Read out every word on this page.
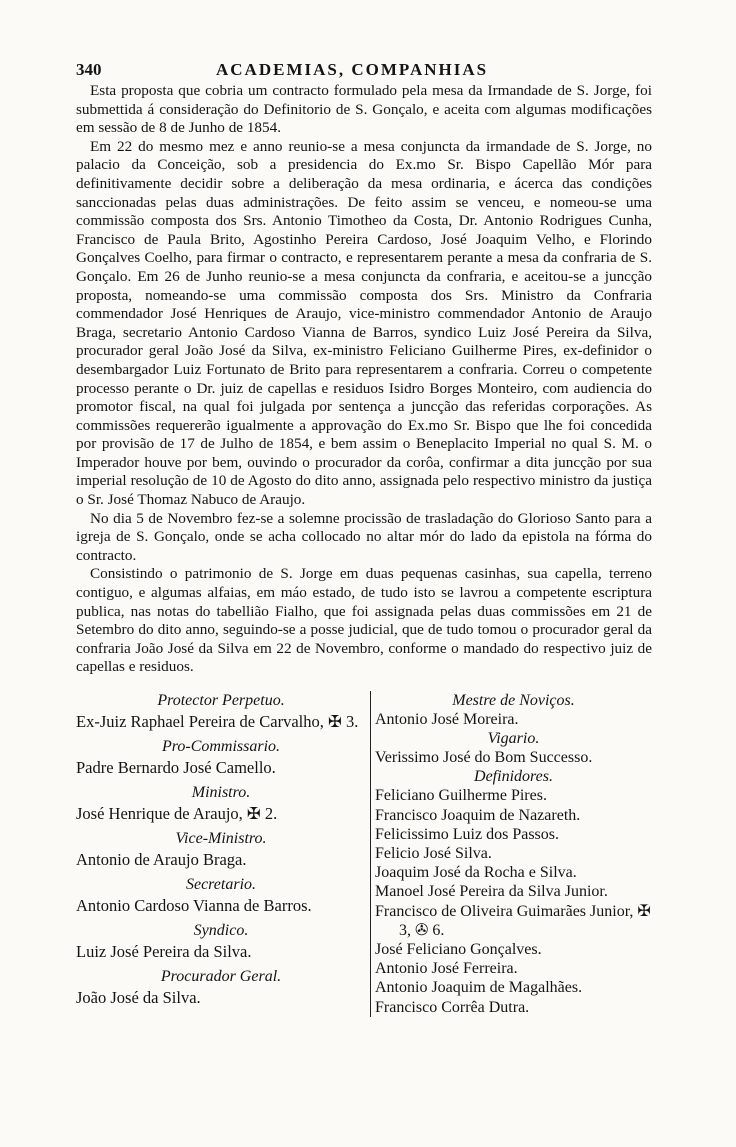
340	ACADEMIAS, COMPANHIAS

Esta proposta que cobria um contracto formulado pela mesa da Irmandade de S. Jorge, foi submettida á consideração do Definitorio de S. Gonçalo, e aceita com algumas modificações em sessão de 8 de Junho de 1854.

Em 22 do mesmo mez e anno reunio-se a mesa conjuncta da irmandade de S. Jorge, no palacio da Conceição, sob a presidencia do Ex.mo Sr. Bispo Capellão Mór para definitivamente decidir sobre a deliberação da mesa ordinaria, e ácerca das condições sanccionadas pelas duas administrações. De feito assim se venceu, e nomeou-se uma commissão composta dos Srs. Antonio Timotheo da Costa, Dr. Antonio Rodrigues Cunha, Francisco de Paula Brito, Agostinho Pereira Cardoso, José Joaquim Velho, e Florindo Gonçalves Coelho, para firmar o contracto, e representarem perante a mesa da confraria de S. Gonçalo. Em 26 de Junho reunio-se a mesa conjuncta da confraria, e aceitou-se a juncção proposta, nomeando-se uma commissão composta dos Srs. Ministro da Confraria commendador José Henriques de Araujo, vice-ministro commendador Antonio de Araujo Braga, secretario Antonio Cardoso Vianna de Barros, syndico Luiz José Pereira da Silva, procurador geral João José da Silva, ex-ministro Feliciano Guilherme Pires, ex-definidor o desembargador Luiz Fortunato de Brito para representarem a confraria. Correu o competente processo perante o Dr. juiz de capellas e residuos Isidro Borges Monteiro, com audiencia do promotor fiscal, na qual foi julgada por sentença a juncção das referidas corporações. As commissões requererão igualmente a approvação do Ex.mo Sr. Bispo que lhe foi concedida por provisão de 17 de Julho de 1854, e bem assim o Beneplacito Imperial no qual S. M. o Imperador houve por bem, ouvindo o procurador da corôa, confirmar a dita juncção por sua imperial resolução de 10 de Agosto do dito anno, assignada pelo respectivo ministro da justiça o Sr. José Thomaz Nabuco de Araujo.

No dia 5 de Novembro fez-se a solemne procissão de trasladação do Glorioso Santo para a igreja de S. Gonçalo, onde se acha collocado no altar mór do lado da epistola na fórma do contracto.

Consistindo o patrimonio de S. Jorge em duas pequenas casinhas, sua capella, terreno contiguo, e algumas alfaias, em máo estado, de tudo isto se lavrou a competente escriptura publica, nas notas do tabellião Fialho, que foi assignada pelas duas commissões em 21 de Setembro do dito anno, seguindo-se a posse judicial, que de tudo tomou o procurador geral da confraria João José da Silva em 22 de Novembro, conforme o mandado do respectivo juiz de capellas e residuos.

Protector Perpetuo.
Ex-Juiz Raphael Pereira de Carvalho, ✠ 3.
Pro-Commissario.
Padre Bernardo José Camello.
Ministro.
José Henrique de Araujo, ✠ 2.
Vice-Ministro.
Antonio de Araujo Braga.
Secretario.
Antonio Cardoso Vianna de Barros.
Syndico.
Luiz José Pereira da Silva.
Procurador Geral.
João José da Silva.
Mestre de Noviços.
Antonio José Moreira.
Vigario.
Verissimo José do Bom Successo.
Definidores.
Feliciano Guilherme Pires.
Francisco Joaquim de Nazareth.
Felicissimo Luiz dos Passos.
Felicio José Silva.
Joaquim José da Rocha e Silva.
Manoel José Pereira da Silva Junior.
Francisco de Oliveira Guimarães Junior, ✠ 3, ✇ 6.
José Feliciano Gonçalves.
Antonio José Ferreira.
Antonio Joaquim de Magalhães.
Francisco Corrêa Dutra.
